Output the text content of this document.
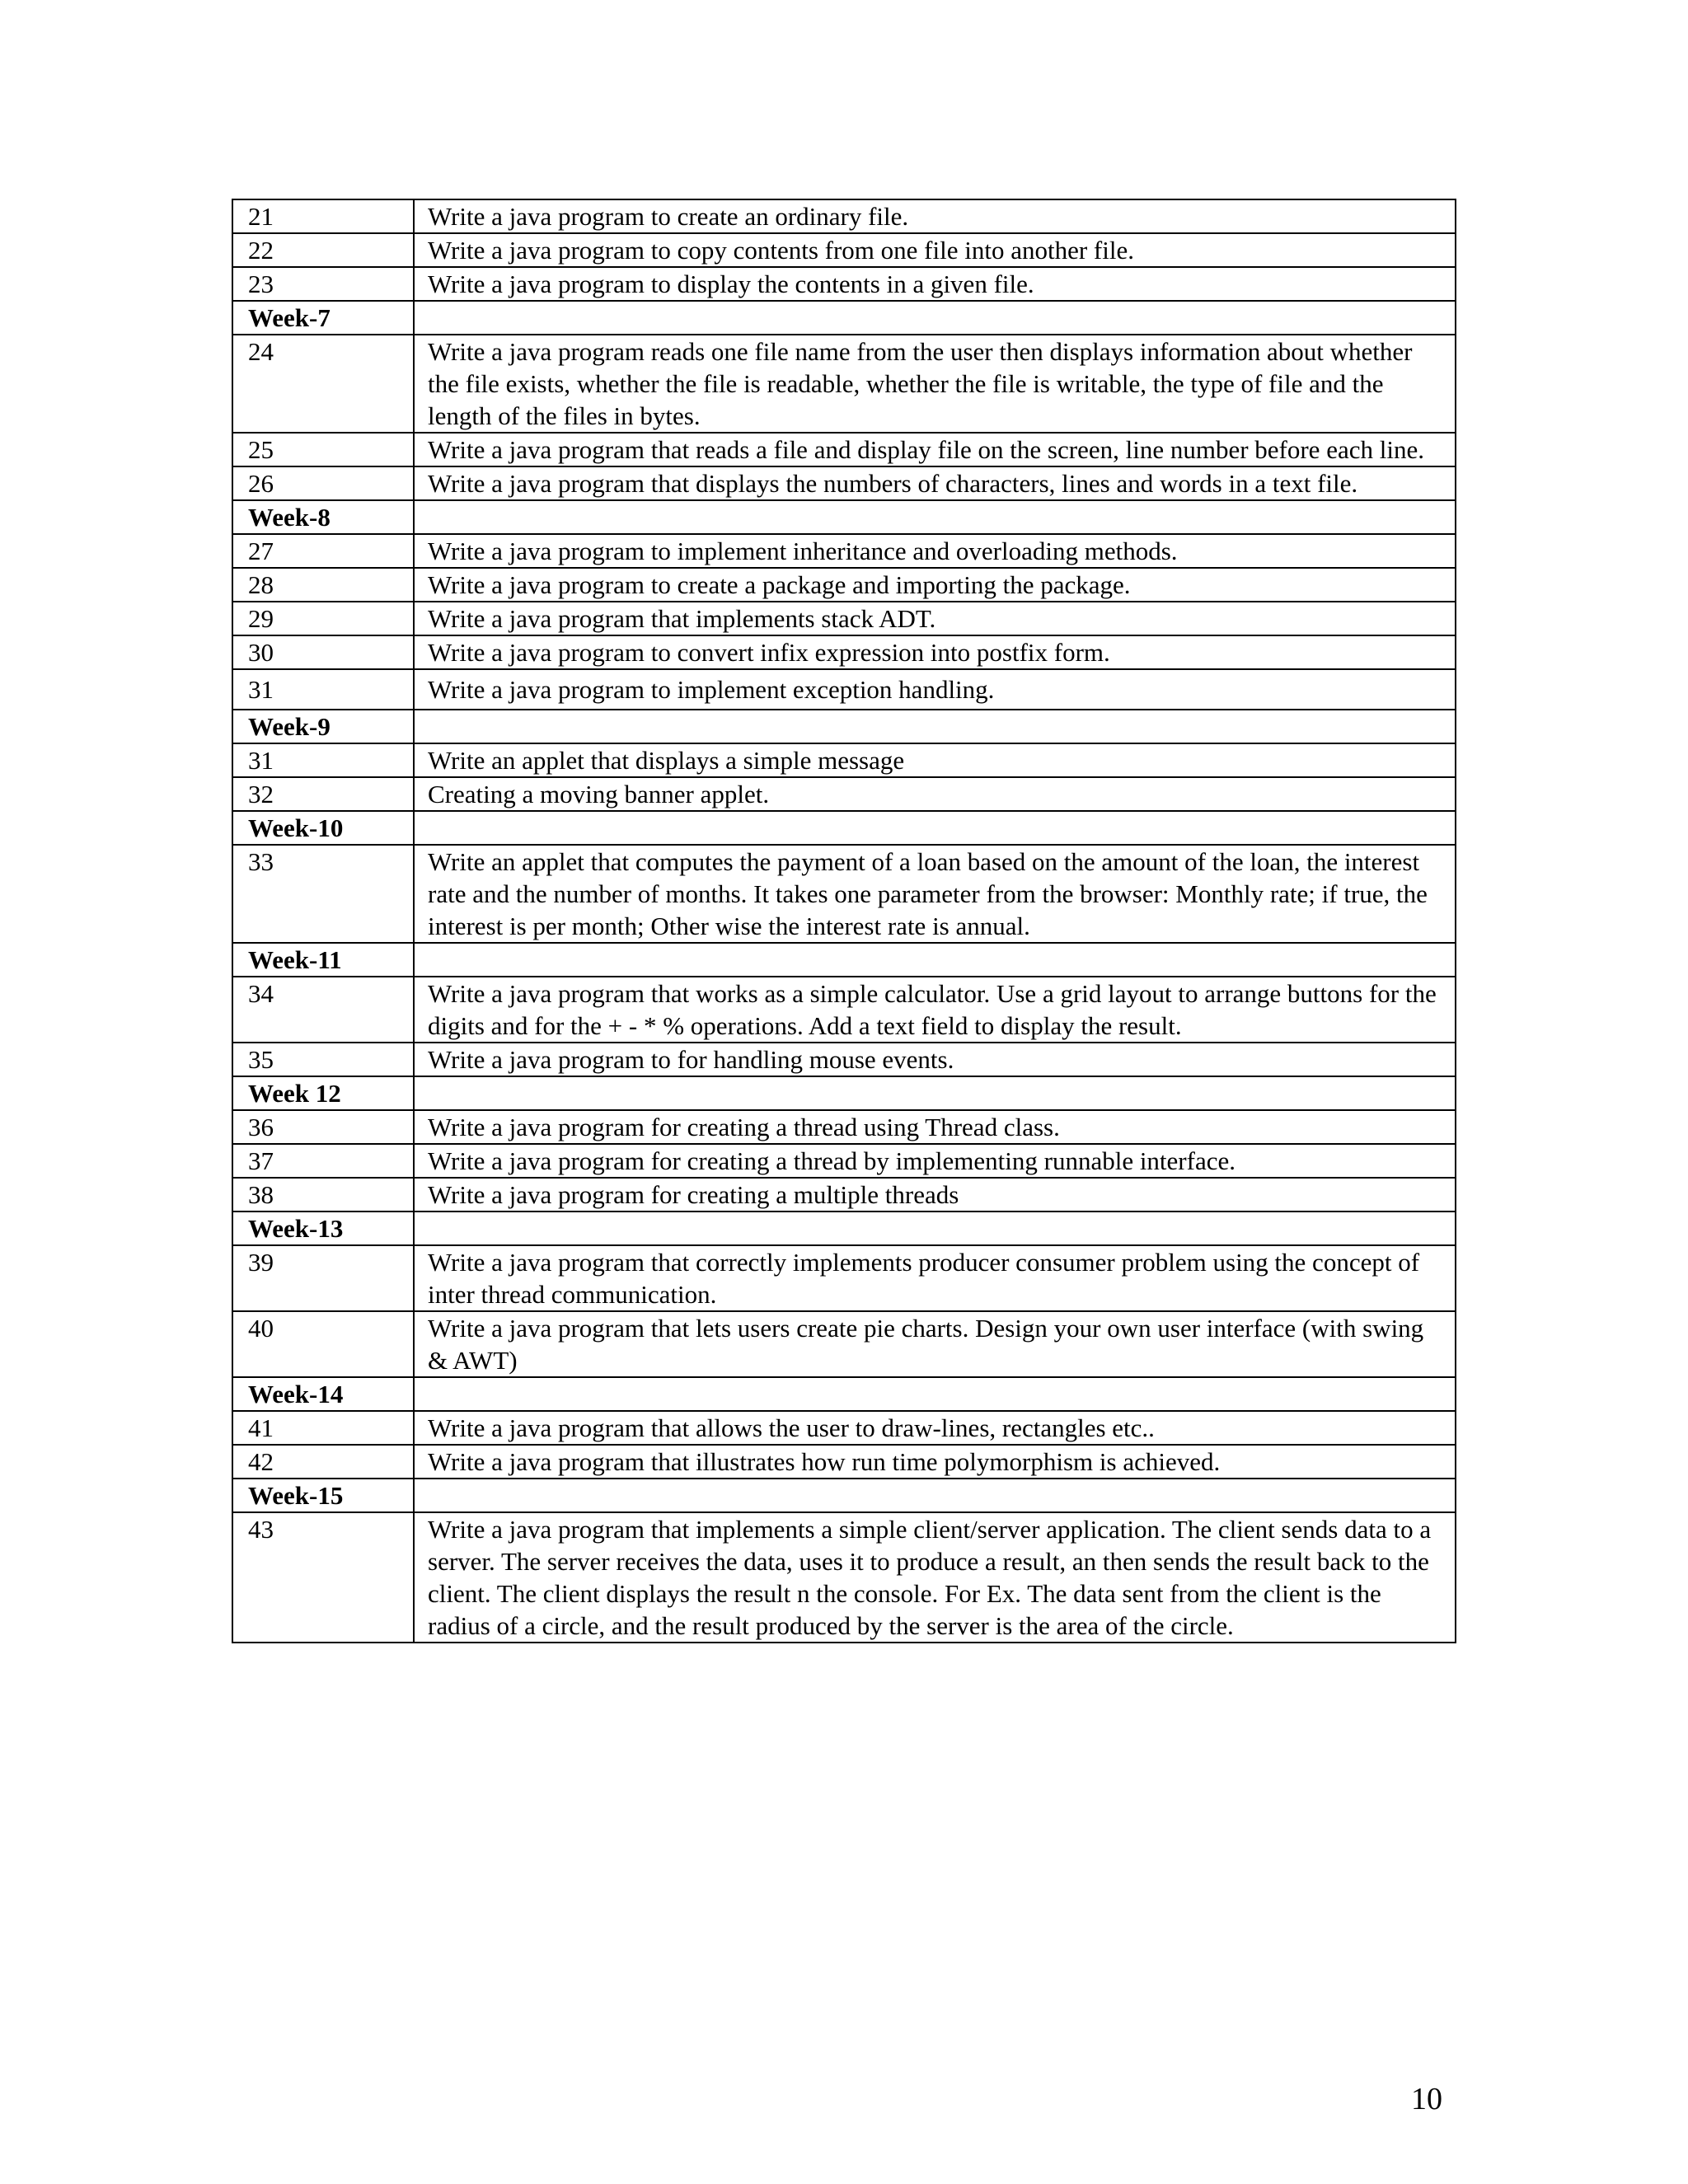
21	Write a java program to create an ordinary file.
22	Write a java program to copy contents from one file into another file.
23	Write a java program to display the contents in a given file.
Week-7	
24	Write a java program reads one file name from the user then displays information about whether the file exists, whether the file is readable, whether the file is writable, the type of file and the length of the files in bytes.
25	Write a java program that reads a file and display file on the screen, line number before each line.
26	Write a java program that displays the numbers of characters, lines and words in a text file.
Week-8	
27	Write a java program to implement inheritance and overloading methods.
28	Write a java program to create a package and importing the package.
29	Write a java program that implements stack ADT.
30	Write a java program to convert infix expression into postfix form.
31	Write a java program to implement exception handling.
Week-9	
31	Write an applet that displays a simple message
32	Creating a moving banner applet.
Week-10	
33	Write an applet that computes the payment of a loan based on the amount of the loan, the interest rate and the number of months. It takes one parameter from the browser: Monthly rate; if true, the interest is per month; Other wise the interest rate is annual.
Week-11	
34	Write a java program that works as a simple calculator. Use a grid layout to arrange buttons for the digits and for the + - * % operations. Add a text field to display the result.
35	Write a java program to for handling mouse events.
Week 12	
36	Write a java program for creating a thread using Thread class.
37	Write a java program for creating a thread by implementing runnable interface.
38	Write a java program for creating a multiple threads
Week-13	
39	Write a java program that correctly implements producer consumer problem using the concept of inter thread communication.
40	Write a java program that lets users create pie charts. Design your own user interface (with swing & AWT)
Week-14	
41	Write a java program that allows the user to draw-lines, rectangles etc..
42	Write a java program that illustrates how run time polymorphism is achieved.
Week-15	
43	Write a java program that implements a simple client/server application. The client sends data to a server. The server receives the data, uses it to produce a result, an then sends the result back to the client. The client displays the result n the console. For Ex. The data sent from the client is the radius of a circle, and the result produced by the server is the area of the circle.
10
